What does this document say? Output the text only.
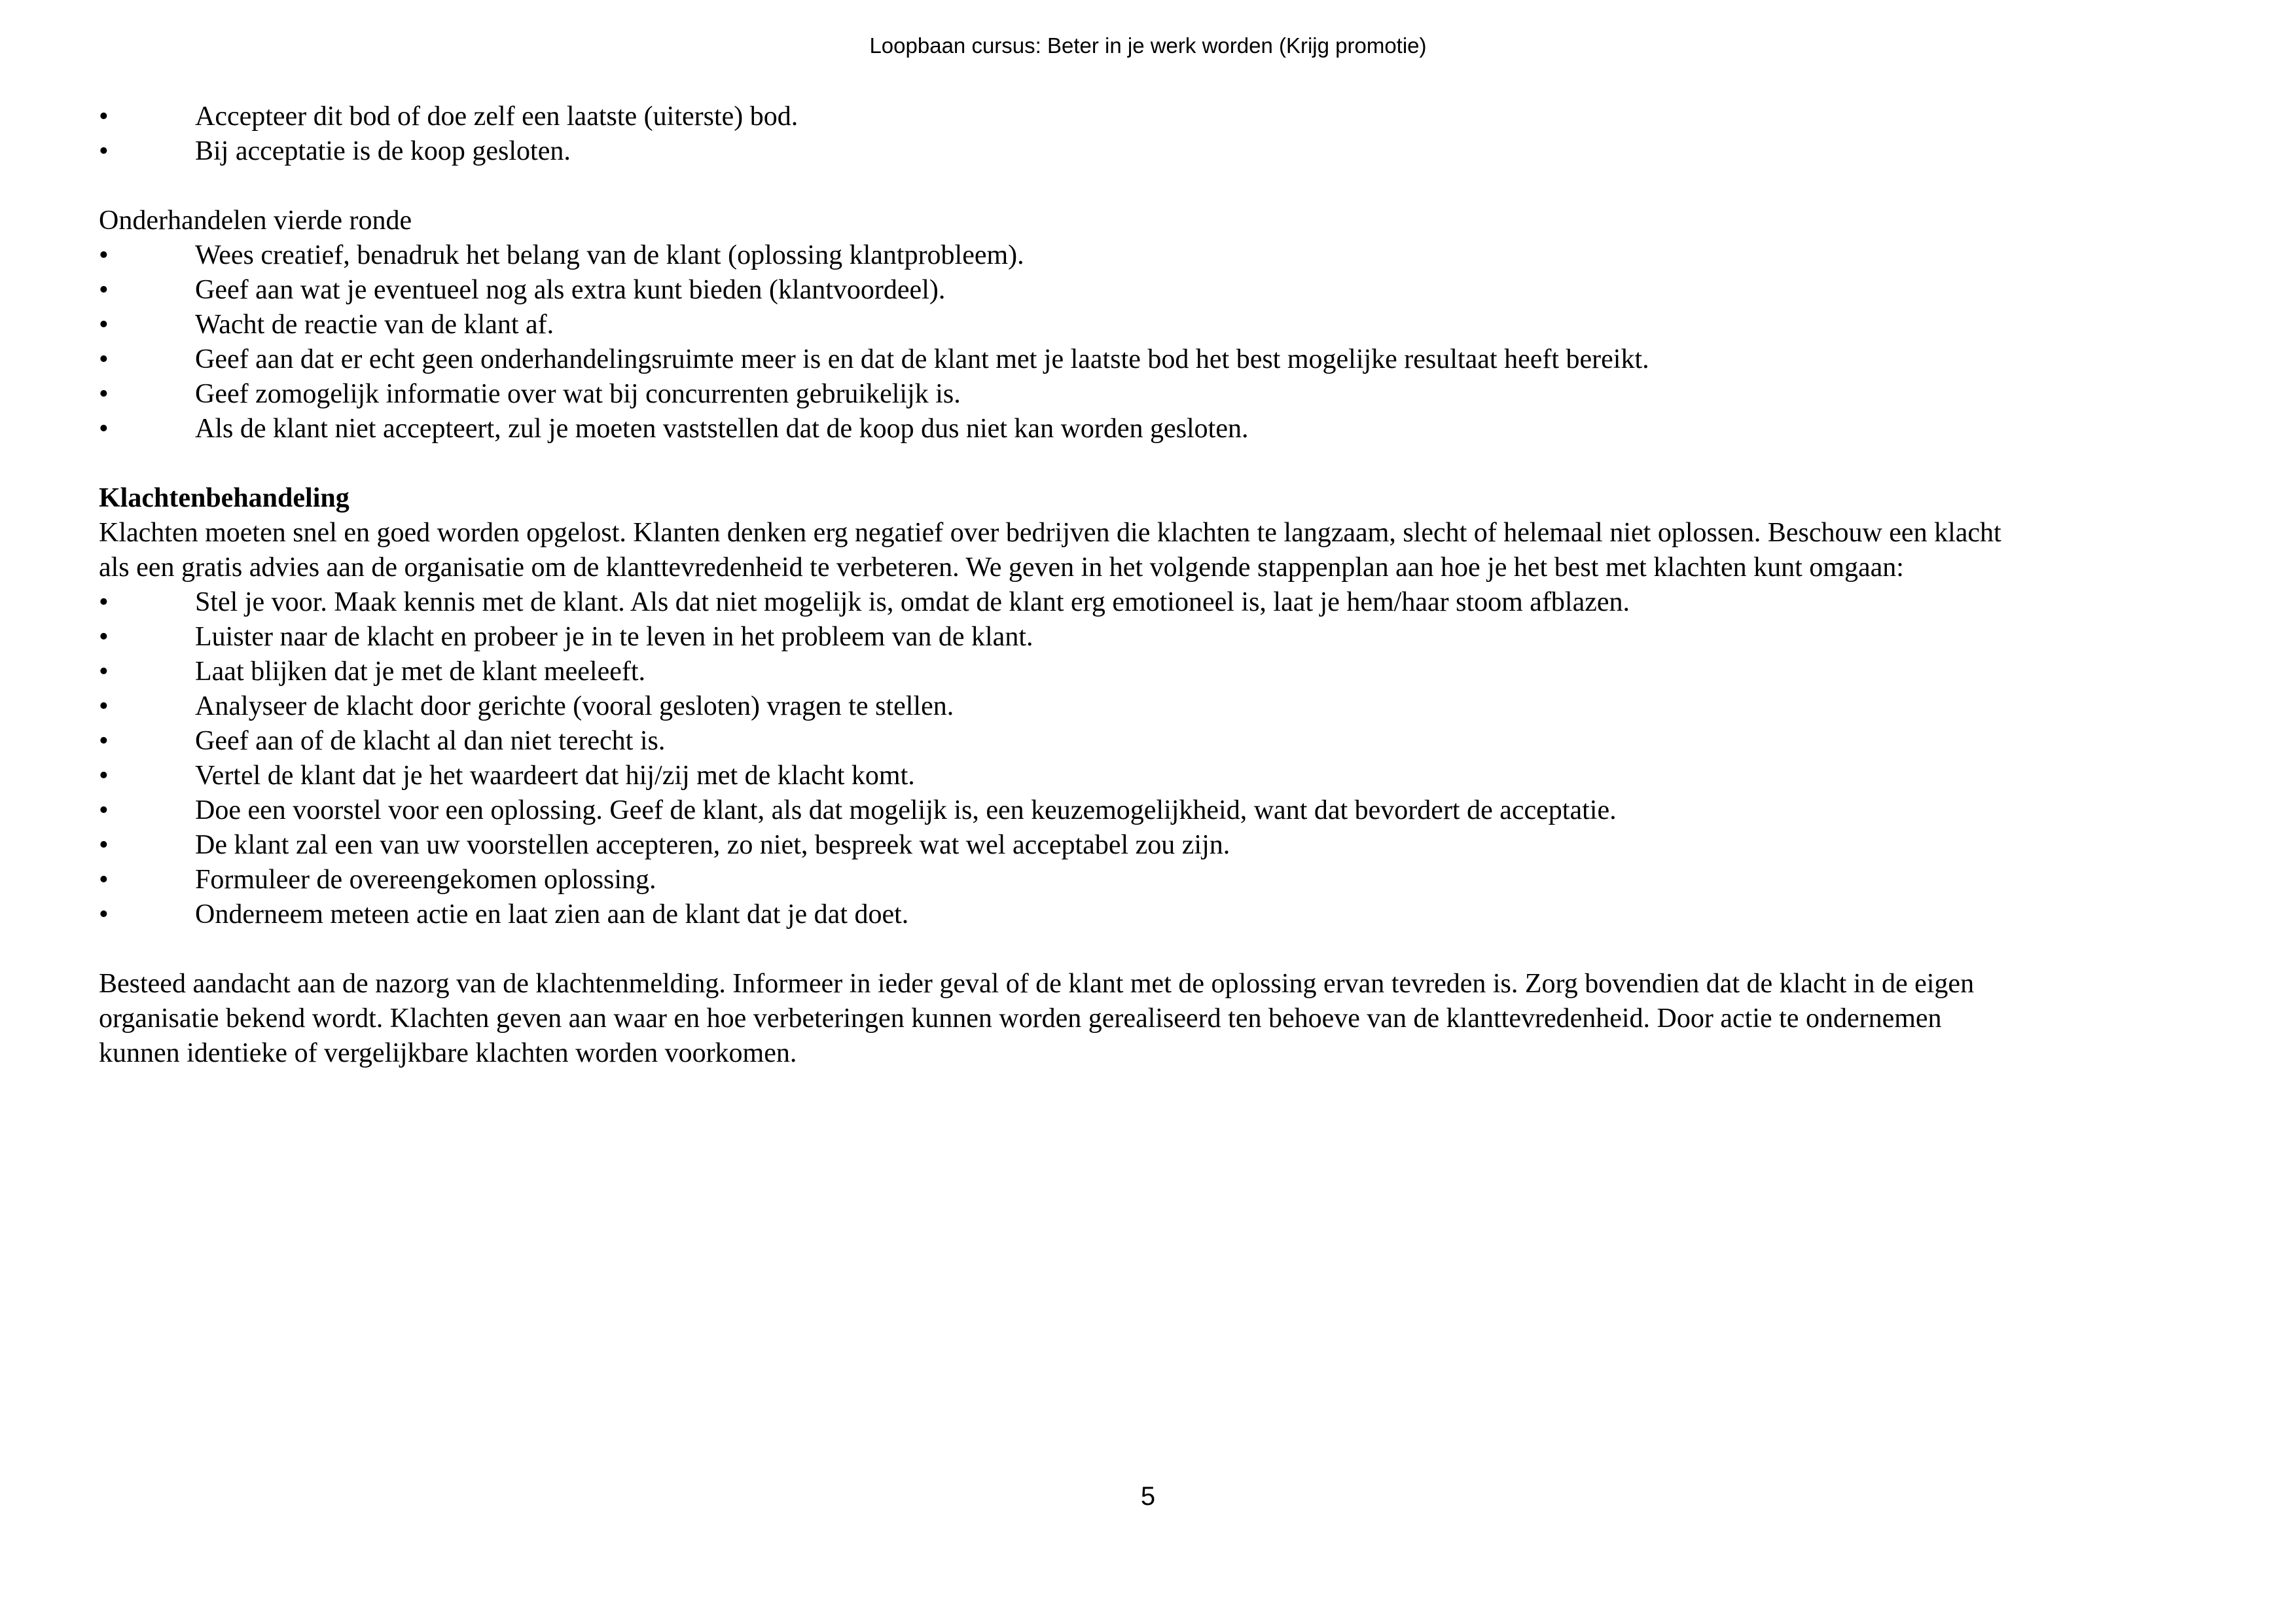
Loopbaan cursus: Beter in je werk worden (Krijg promotie)
•	Accepteer dit bod of doe zelf een laatste (uiterste) bod.
•	Bij acceptatie is de koop gesloten.
Onderhandelen vierde ronde
•	Wees creatief, benadruk het belang van de klant (oplossing klantprobleem).
•	Geef aan wat je eventueel nog als extra kunt bieden (klantvoordeel).
•	Wacht de reactie van de klant af.
•	Geef aan dat er echt geen onderhandelingsruimte meer is en dat de klant met je laatste bod het best mogelijke resultaat heeft bereikt.
•	Geef zomogelijk informatie over wat bij concurrenten gebruikelijk is.
•	Als de klant niet accepteert, zul je moeten vaststellen dat de koop dus niet kan worden gesloten.
Klachtenbehandeling

Klachten moeten snel en goed worden opgelost. Klanten denken erg negatief over bedrijven die klachten te langzaam, slecht of helemaal niet oplossen. Beschouw een klacht
als een gratis advies aan de organisatie om de klanttevredenheid te verbeteren. We geven in het volgende stappenplan aan hoe je het best met klachten kunt omgaan:

•	Stel je voor. Maak kennis met de klant. Als dat niet mogelijk is, omdat de klant erg emotioneel is, laat je hem/haar stoom afblazen.
•	Luister naar de klacht en probeer je in te leven in het probleem van de klant.
•	Laat blijken dat je met de klant meeleeft.
•	Analyseer de klacht door gerichte (vooral gesloten) vragen te stellen.
•	Geef aan of de klacht al dan niet terecht is.
•	Vertel de klant dat je het waardeert dat hij/zij met de klacht komt.
•	Doe een voorstel voor een oplossing. Geef de klant, als dat mogelijk is, een keuzemogelijkheid, want dat bevordert de acceptatie.
•	De klant zal een van uw voorstellen accepteren, zo niet, bespreek wat wel acceptabel zou zijn.
•	Formuleer de overeengekomen oplossing.
•	Onderneem meteen actie en laat zien aan de klant dat je dat doet.

Besteed aandacht aan de nazorg van de klachtenmelding. Informeer in ieder geval of de klant met de oplossing ervan tevreden is. Zorg bovendien dat de klacht in de eigen
organisatie bekend wordt. Klachten geven aan waar en hoe verbeteringen kunnen worden gerealiseerd ten behoeve van de klanttevredenheid. Door actie te ondernemen
kunnen identieke of vergelijkbare klachten worden voorkomen.

5
